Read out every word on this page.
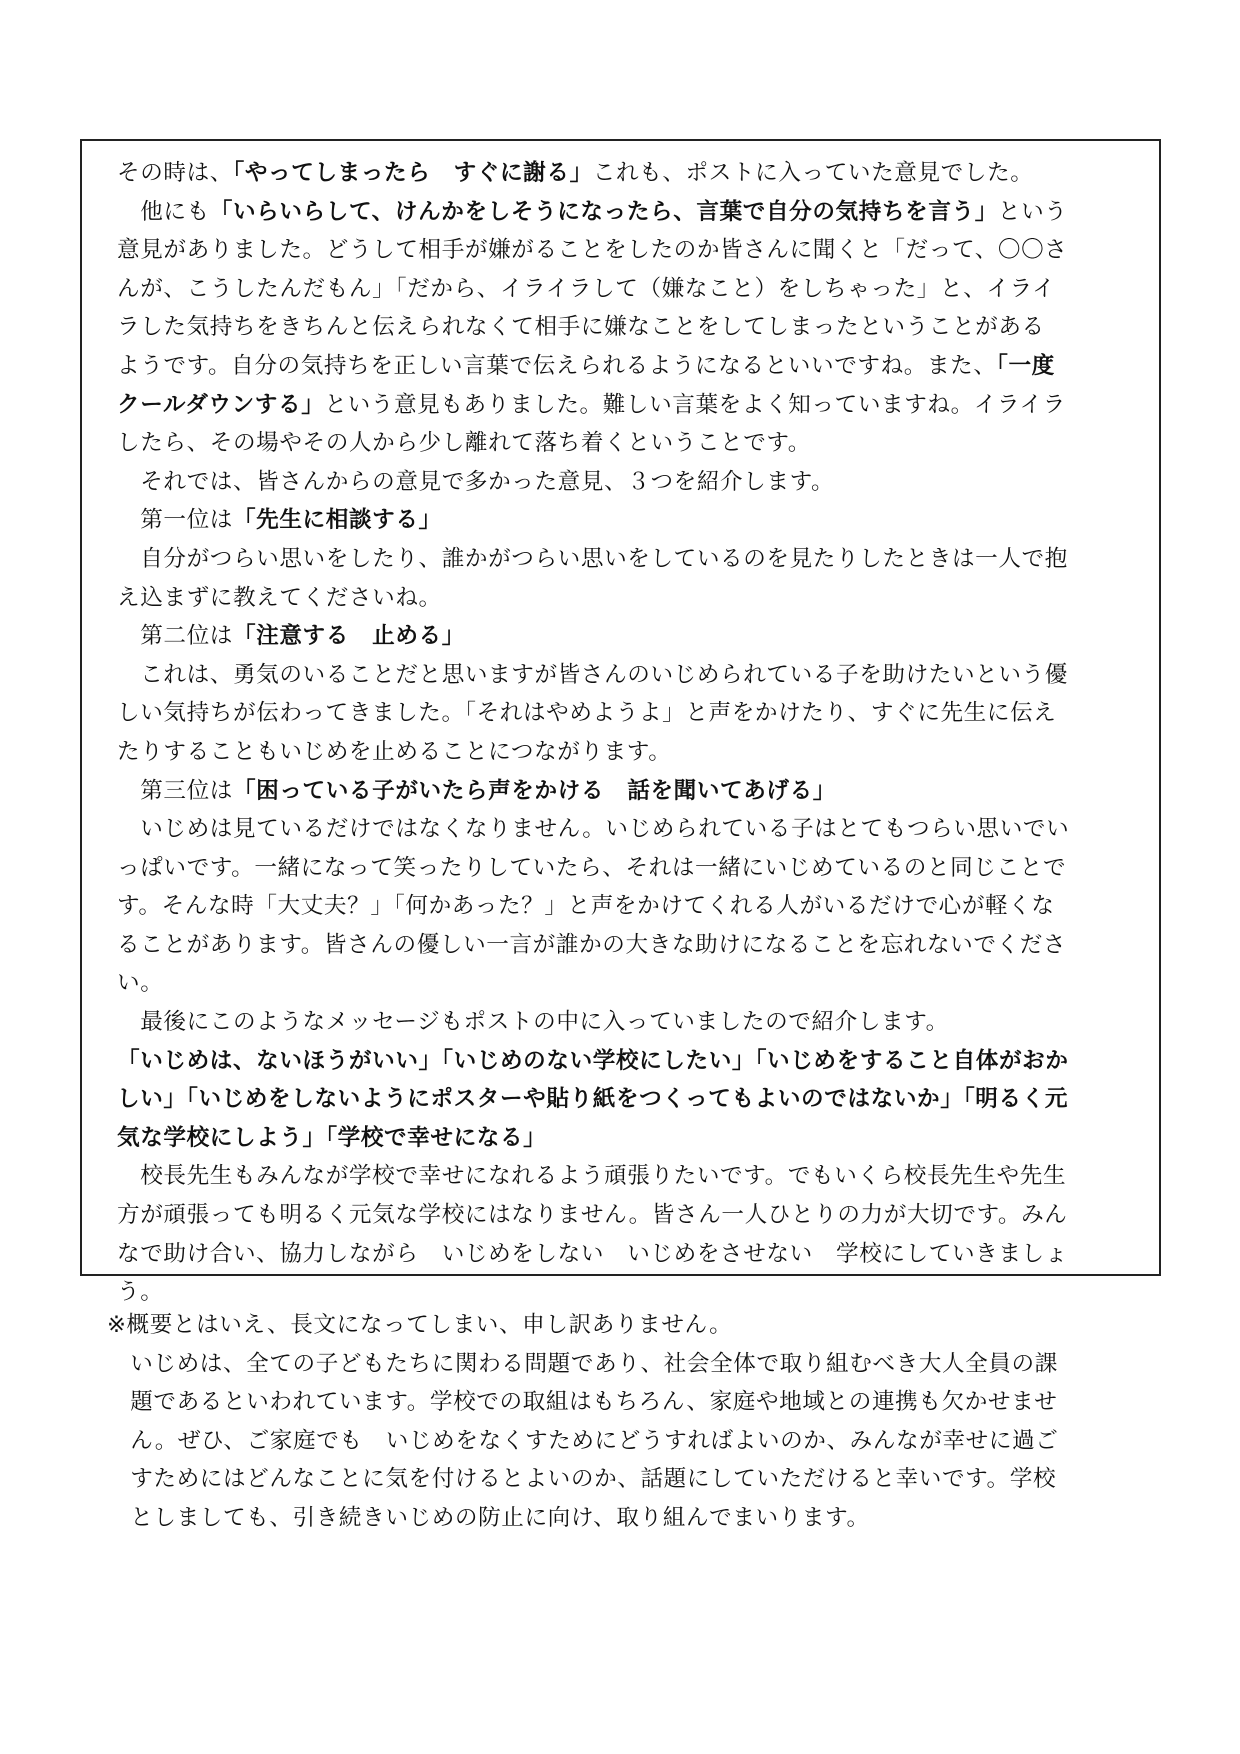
その時は、「やってしまったら　すぐに謝る」これも、ポストに入っていた意見でした。
　他にも「いらいらして、けんかをしそうになったら、言葉で自分の気持ちを言う」という
意見がありました。どうして相手が嫌がることをしたのか皆さんに聞くと「だって、〇〇さ
んが、こうしたんだもん」「だから、イライラして（嫌なこと）をしちゃった」と、イライ
ラした気持ちをきちんと伝えられなくて相手に嫌なことをしてしまったということがある
ようです。自分の気持ちを正しい言葉で伝えられるようになるといいですね。また、「一度
クールダウンする」という意見もありました。難しい言葉をよく知っていますね。イライラ
したら、その場やその人から少し離れて落ち着くということです。
　それでは、皆さんからの意見で多かった意見、３つを紹介します。
　第一位は「先生に相談する」
　自分がつらい思いをしたり、誰かがつらい思いをしているのを見たりしたときは一人で抱
え込まずに教えてくださいね。
　第二位は「注意する　止める」
　これは、勇気のいることだと思いますが皆さんのいじめられている子を助けたいという優
しい気持ちが伝わってきました。「それはやめようよ」と声をかけたり、すぐに先生に伝え
たりすることもいじめを止めることにつながります。
　第三位は「困っている子がいたら声をかける　話を聞いてあげる」
　いじめは見ているだけではなくなりません。いじめられている子はとてもつらい思いでい
っぱいです。一緒になって笑ったりしていたら、それは一緒にいじめているのと同じことで
す。そんな時「大丈夫？」「何かあった？」と声をかけてくれる人がいるだけで心が軽くな
ることがあります。皆さんの優しい一言が誰かの大きな助けになることを忘れないでくださ
い。
　最後にこのようなメッセージもポストの中に入っていましたので紹介します。
「いじめは、ないほうがいい」「いじめのない学校にしたい」「いじめをすること自体がおか
しい」「いじめをしないようにポスターや貼り紙をつくってもよいのではないか」「明るく元
気な学校にしよう」「学校で幸せになる」
　校長先生もみんなが学校で幸せになれるよう頑張りたいです。でもいくら校長先生や先生
方が頑張っても明るく元気な学校にはなりません。皆さん一人ひとりの力が大切です。みん
なで助け合い、協力しながら　いじめをしない　いじめをさせない　学校にしていきましょ
う。
※概要とはいえ、長文になってしまい、申し訳ありません。
　いじめは、全ての子どもたちに関わる問題であり、社会全体で取り組むべき大人全員の課
　題であるといわれています。学校での取組はもちろん、家庭や地域との連携も欠かせませ
　ん。ぜひ、ご家庭でも　いじめをなくすためにどうすればよいのか、みんなが幸せに過ご
　すためにはどんなことに気を付けるとよいのか、話題にしていただけると幸いです。学校
　としましても、引き続きいじめの防止に向け、取り組んでまいります。
